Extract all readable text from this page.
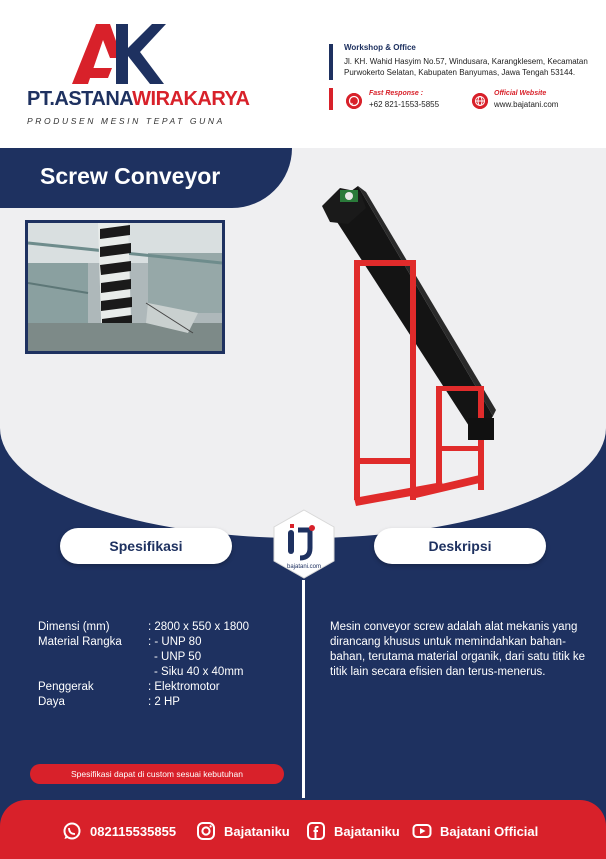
PT.ASTANAWIRAKARYA
PRODUSEN MESIN TEPAT GUNA
Workshop & Office
Jl. KH. Wahid Hasyim No.57, Windusara, Karangklesem, Kecamatan Purwokerto Selatan, Kabupaten Banyumas, Jawa Tengah 53144.
Fast Response :
+62 821-1553-5855
Official Website
www.bajatani.com
Screw Conveyor
Spesifikasi	Deskripsi
bajatani.com
Dimensi (mm)	: 2800 x 550 x 1800
Material Rangka	: - UNP 80
- UNP 50
- Siku 40 x 40mm
Penggerak	: Elektromotor
Daya	: 2 HP
Mesin conveyor screw adalah alat mekanis yang dirancang khusus untuk memindahkan bahan-bahan, terutama material organik, dari satu titik ke titik lain secara efisien dan terus-menerus.
Spesifikasi dapat di custom sesuai kebutuhan
082115535855	Bajataniku	Bajataniku	Bajatani Official
